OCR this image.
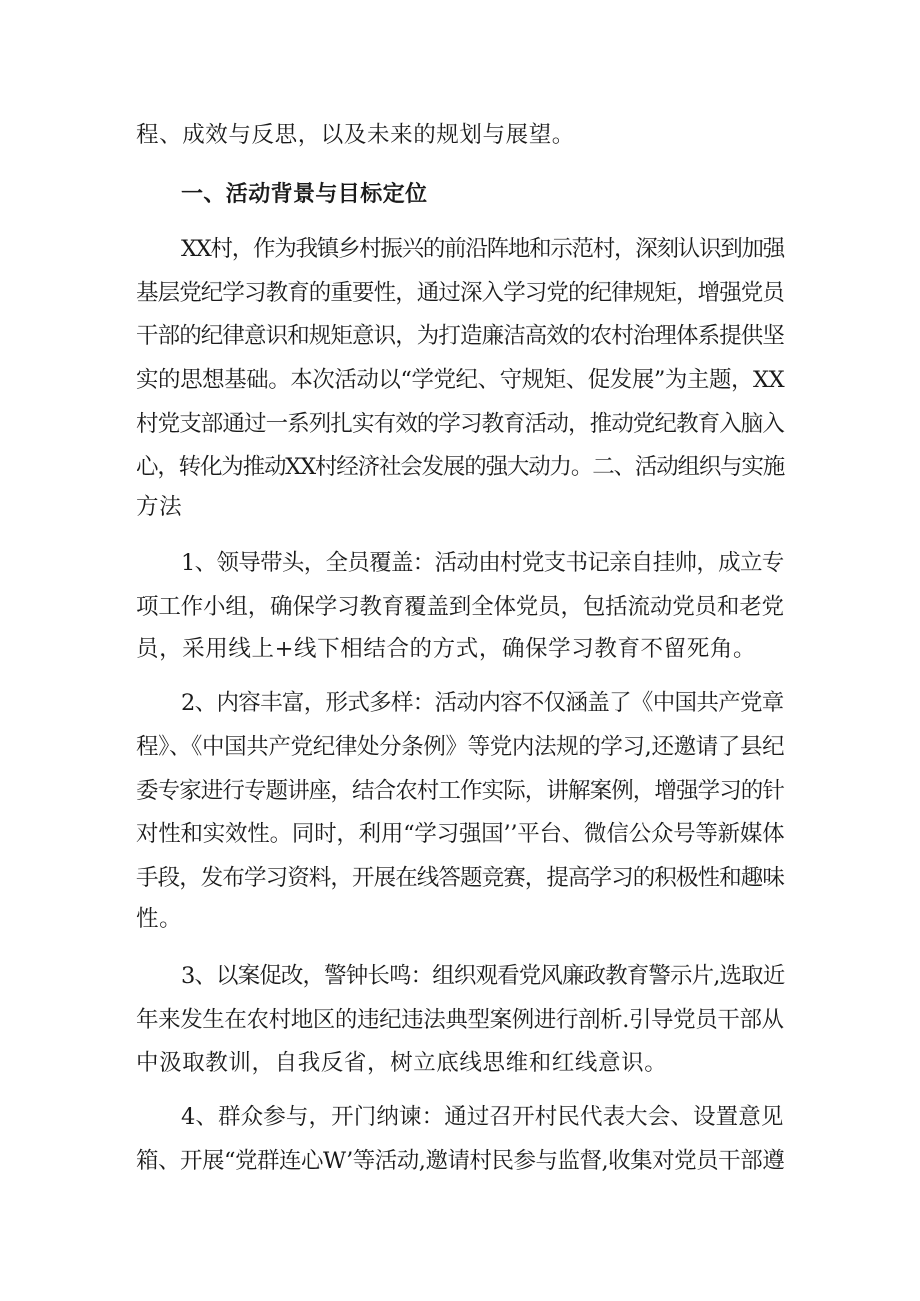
程、成效与反思，以及未来的规划与展望。
一、活动背景与目标定位
XX村，作为我镇乡村振兴的前沿阵地和示范村，深刻认识到加强
基层党纪学习教育的重要性，通过深入学习党的纪律规矩，增强党员
干部的纪律意识和规矩意识，为打造廉洁高效的农村治理体系提供坚
实的思想基础。本次活动以“学党纪、守规矩、促发展”为主题，XX
村党支部通过一系列扎实有效的学习教育活动，推动党纪教育入脑入
心，转化为推动XX村经济社会发展的强大动力。二、活动组织与实施
方法
1、领导带头，全员覆盖：活动由村党支书记亲自挂帅，成立专
项工作小组，确保学习教育覆盖到全体党员，包括流动党员和老党
员，采用线上+线下相结合的方式，确保学习教育不留死角。
2、内容丰富，形式多样：活动内容不仅涵盖了《中国共产党章
程》、《中国共产党纪律处分条例》等党内法规的学习,还邀请了县纪
委专家进行专题讲座，结合农村工作实际，讲解案例，增强学习的针
对性和实效性。同时，利用“学习强国’’平台、微信公众号等新媒体
手段，发布学习资料，开展在线答题竞赛，提高学习的积极性和趣味
性。
3、以案促改，警钟长鸣：组织观看党风廉政教育警示片,选取近
年来发生在农村地区的违纪违法典型案例进行剖析.引导党员干部从
中汲取教训，自我反省，树立底线思维和红线意识。
4、群众参与，开门纳谏：通过召开村民代表大会、设置意见
箱、开展“党群连心W’等活动,邀请村民参与监督,收集对党员干部遵
